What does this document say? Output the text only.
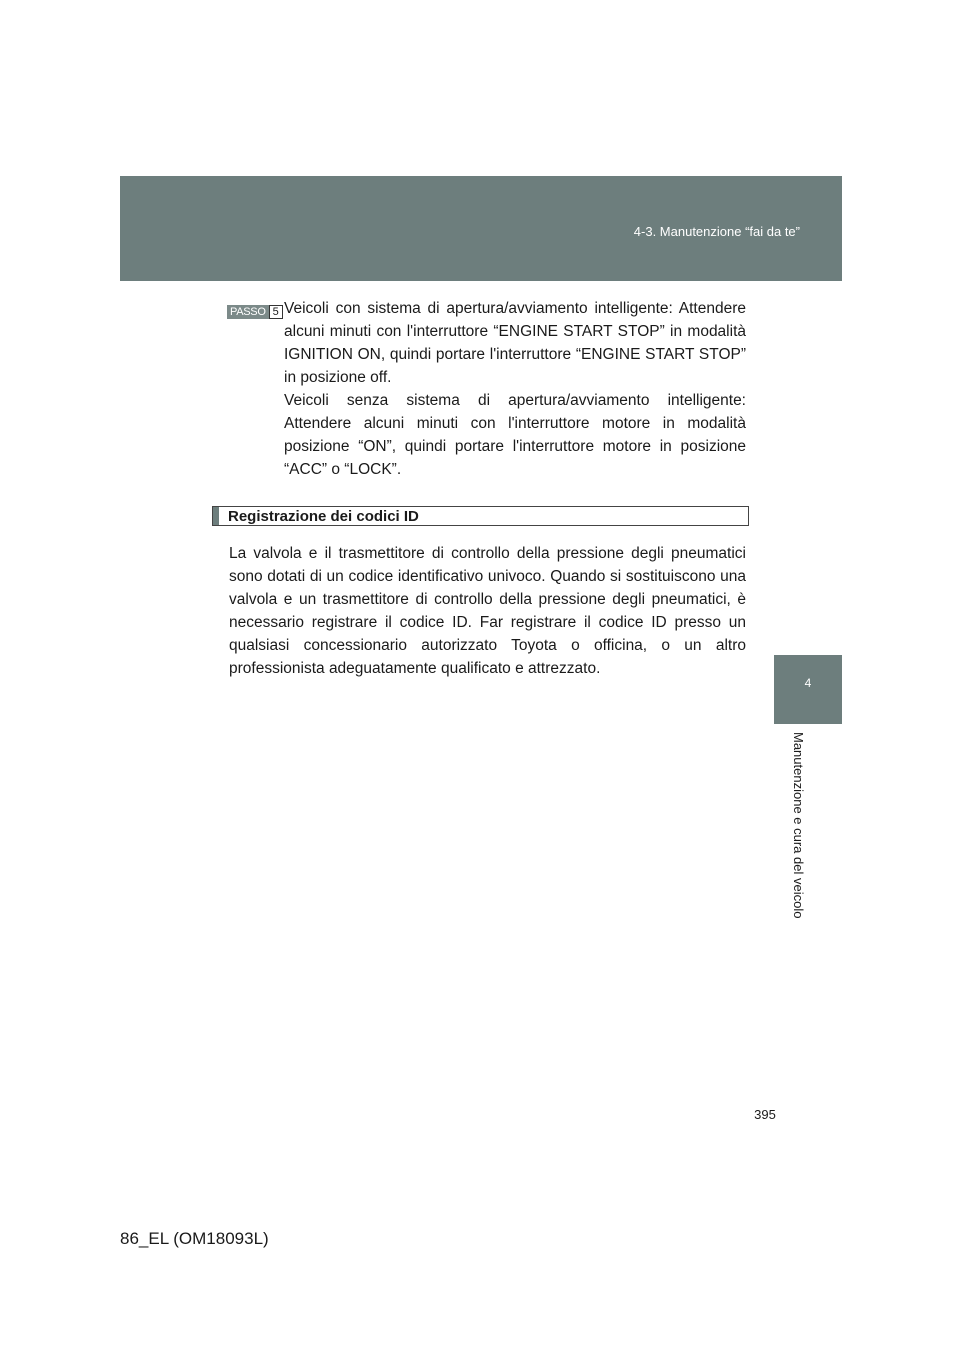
4-3. Manutenzione “fai da te”
4
Manutenzione e cura del veicolo
PASSO 5 Veicoli con sistema di apertura/avviamento intelligente: Attendere alcuni minuti con l'interruttore “ENGINE START STOP” in modalità IGNITION ON, quindi portare l'interruttore “ENGINE START STOP” in posizione off.

Veicoli senza sistema di apertura/avviamento intelligente: Attendere alcuni minuti con l'interruttore motore in modalità posizione “ON”, quindi portare l'interruttore motore in posizione “ACC” o “LOCK”.

Registrazione dei codici ID

La valvola e il trasmettitore di controllo della pressione degli pneumatici sono dotati di un codice identificativo univoco. Quando si sostituiscono una valvola e un trasmettitore di controllo della pressione degli pneumatici, è necessario registrare il codice ID. Far registrare il codice ID presso un qualsiasi concessionario autorizzato Toyota o officina, o un altro professionista adeguatamente qualificato e attrezzato.

395
86_EL (OM18093L)
